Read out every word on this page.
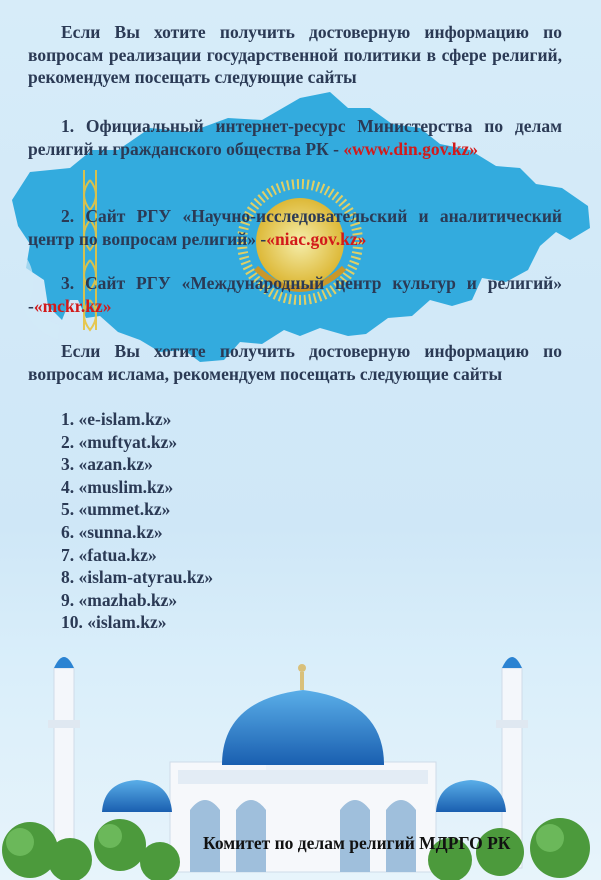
Если Вы хотите получить достоверную информацию по вопросам реализации государственной политики в сфере религий, рекомендуем посещать следующие сайты

1. Официальный интернет-ресурс Министерства по делам религий и гражданского общества РК - «www.din.gov.kz»

2. Сайт РГУ «Научно-исследовательский и аналитический центр по вопросам религий» -«niac.gov.kz»

3. Сайт РГУ «Международный центр культур и религий» -«mckr.kz»

Если Вы хотите получить достоверную информацию по вопросам ислама, рекомендуем посещать следующие сайты

1. «e-islam.kz»
2. «muftyat.kz»
3. «azan.kz»
4. «muslim.kz»
5. «ummet.kz»
6. «sunna.kz»
7. «fatua.kz»
8. «islam-atyrau.kz»
9. «mazhab.kz»
10. «islam.kz»
Комитет по делам религий МДРГО РК
